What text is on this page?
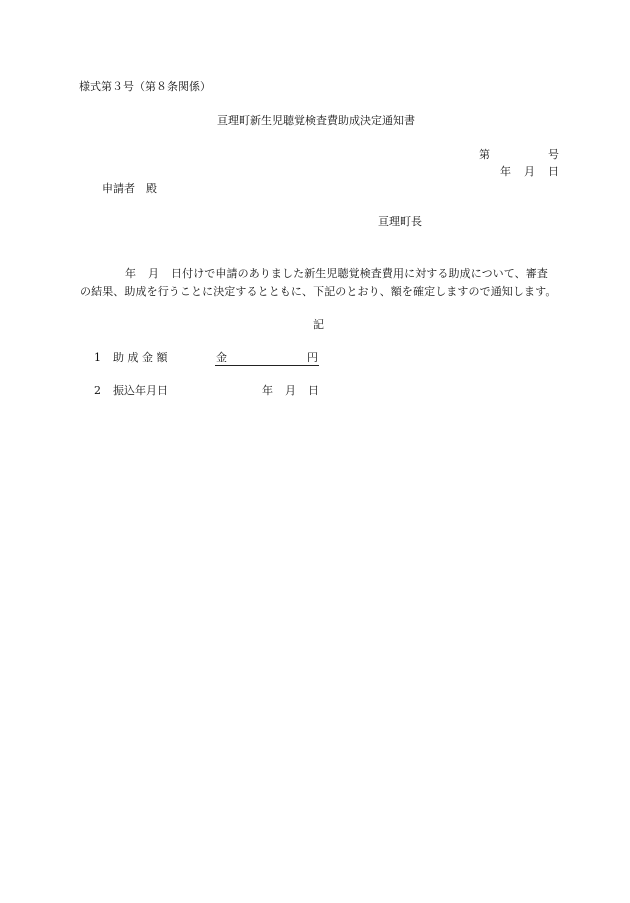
様式第３号（第８条関係）
亘理町新生児聴覚検査費助成決定通知書
第	号
年 月 日
申請者　殿
亘理町長
年 月 日付けで申請のありました新生児聴覚検査費用に対する助成について、審査
の結果、助成を行うことに決定するとともに、下記のとおり、額を確定しますので通知します。
記
1 助 成 金 額	金	円
2 振込年月日	年 月 日
